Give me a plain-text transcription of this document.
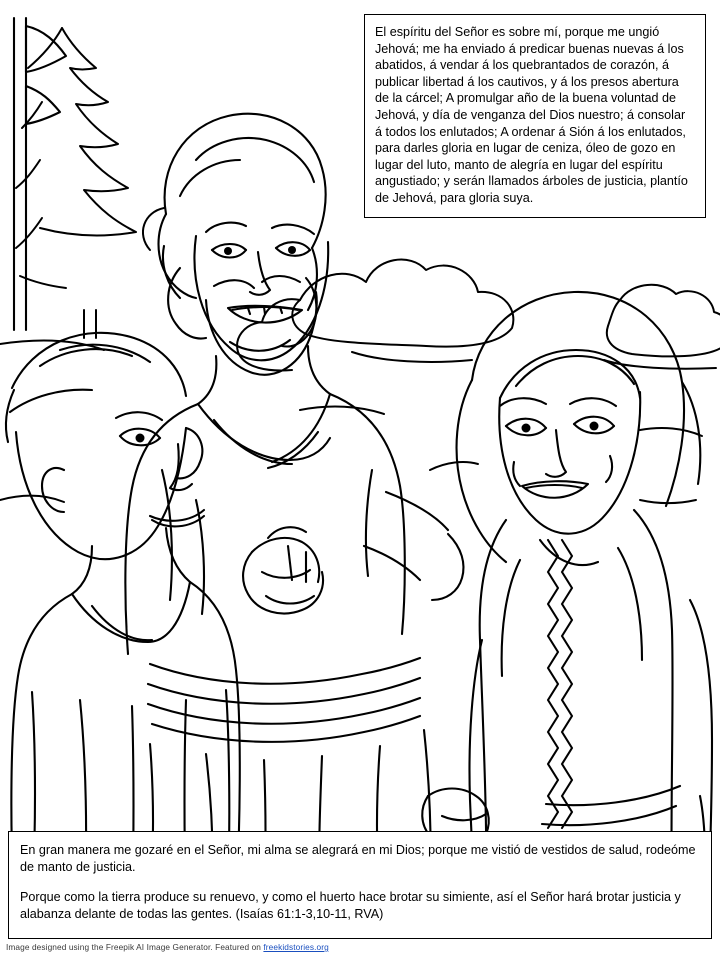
El espíritu del Señor es sobre mí, porque me ungió Jehová; me ha enviado á predicar buenas nuevas á los abatidos, á vendar á los quebrantados de corazón, á publicar libertad á los cautivos, y á los presos abertura de la cárcel; A promulgar año de la buena voluntad de Jehová, y día de venganza del Dios nuestro; á consolar á todos los enlutados; A ordenar á Sión á los enlutados, para darles gloria en lugar de ceniza, óleo de gozo en lugar del luto, manto de alegría en lugar del espíritu angustiado; y serán llamados árboles de justicia, plantío de Jehová, para gloria suya.

En gran manera me gozaré en el Señor, mi alma se alegrará en mi Dios; porque me vistió de vestidos de salud, rodeóme de manto de justicia.

Porque como la tierra produce su renuevo, y como el huerto hace brotar su simiente, así el Señor hará brotar justicia y alabanza delante de todas las gentes. (Isaías 61:1-3,10-11, RVA)

Image designed using the Freepik AI Image Generator. Featured on freekidstories.org
